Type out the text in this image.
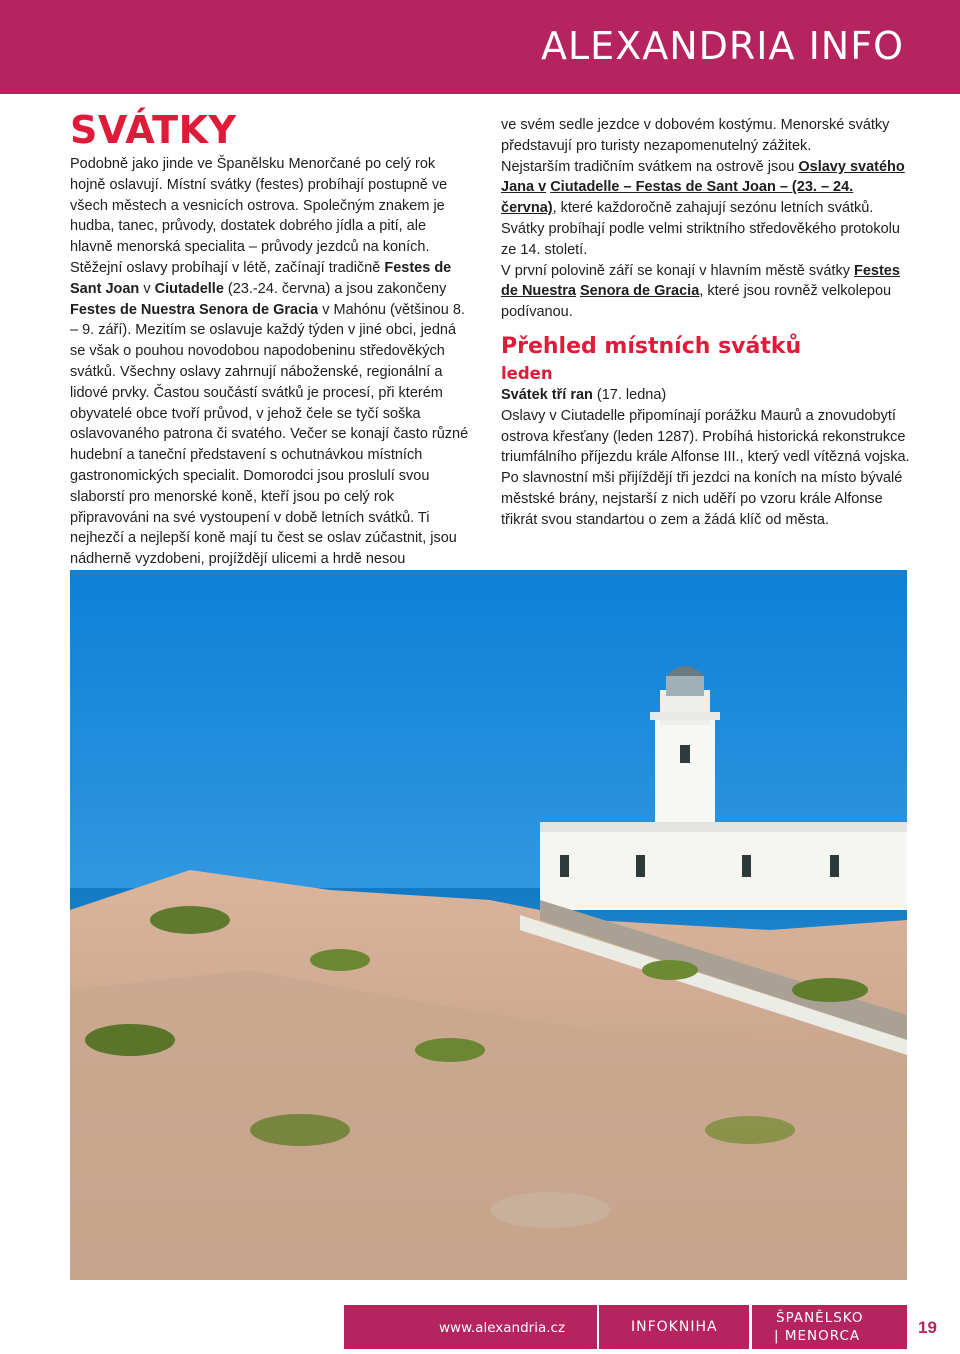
ALEXANDRIA INFO
SVÁTKY

Podobně jako jinde ve Španělsku Menorčané po celý rok hojně oslavují. Místní svátky (festes) probíhají postupně ve všech městech a vesnicích ostrova. Společným znakem je hudba, tanec, průvody, dostatek dobrého jídla a pití, ale hlavně menorská specialita – průvody jezdců na koních.

Stěžejní oslavy probíhají v létě, začínají tradičně Festes de Sant Joan v Ciutadelle (23.-24. června) a jsou zakončeny Festes de Nuestra Senora de Gracia v Mahónu (většinou 8. – 9. září). Mezitím se oslavuje každý týden v jiné obci, jedná se však o pouhou novodobou napodobeninu středověkých svátků. Všechny oslavy zahrnují náboženské, regionální a lidové prvky. Častou součástí svátků je procesí, při kterém obyvatelé obce tvoří průvod, v jehož čele se tyčí soška oslavovaného patrona či svatého. Večer se konají často různé hudební a taneční představení s ochutnávkou místních gastronomických specialit. Domorodci jsou proslulí svou slaborstí pro menorské koně, kteří jsou po celý rok připravováni na své vystoupení v době letních svátků. Ti nejhezčí a nejlepší koně mají tu čest se oslav zúčastnit, jsou nádherně vyzdobeni, projíždějí ulicemi a hrdě nesou

ve svém sedle jezdce v dobovém kostýmu. Menorské svátky představují pro turisty nezapomenutelný zážitek.

Nejstarším tradičním svátkem na ostrově jsou Oslavy svatého Jana v Ciutadelle – Festas de Sant Joan – (23. – 24. června), které každoročně zahajují sezónu letních svátků.

Svátky probíhají podle velmi striktního středověkého protokolu ze 14. století.

V první polovině září se konají v hlavním městě svátky Festes de Nuestra Senora de Gracia, které jsou rovněž velkolepou podívanou.

Přehled místních svátků
leden

Svátek tří ran (17. ledna)

Oslavy v Ciutadelle připomínají porážku Maurů a znovudobytí ostrova křesťany (leden 1287). Probíhá historická rekonstrukce triumfálního příjezdu krále Alfonse III., který vedl vítězná vojska. Po slavnostní mši přijíždějí tři jezdci na koních na místo bývalé městské brány, nejstarší z nich uděří po vzoru krále Alfonse třikrát svou standartou o zem a žádá klíč od města.

www.alexandria.cz	INFOKNIHA
ŠPANĚLSKO
| MENORCA	19
